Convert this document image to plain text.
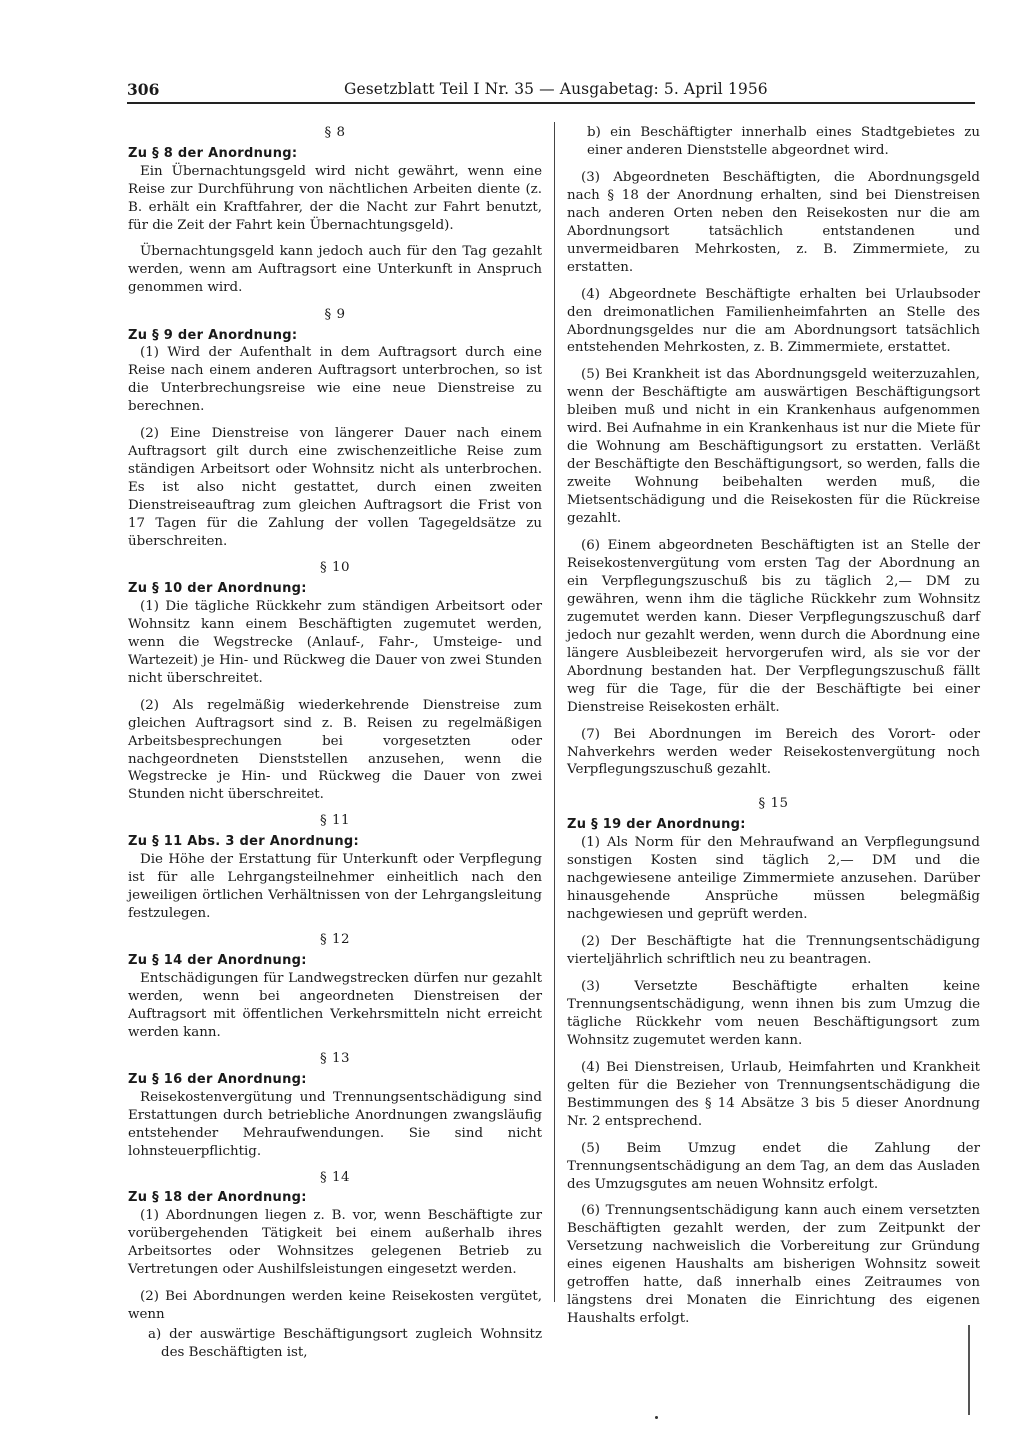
306	Gesetzblatt Teil I Nr. 35 — Ausgabetag: 5. April 1956
§ 8
Zu § 8 der Anordnung:

Ein Übernachtungsgeld wird nicht gewährt, wenn eine Reise zur Durchführung von nächtlichen Arbeiten diente (z. B. erhält ein Kraftfahrer, der die Nacht zur Fahrt benutzt, für die Zeit der Fahrt kein Übernachtungsgeld).

Übernachtungsgeld kann jedoch auch für den Tag gezahlt werden, wenn am Auftragsort eine Unterkunft in Anspruch genommen wird.

§ 9
Zu § 9 der Anordnung:

(1) Wird der Aufenthalt in dem Auftragsort durch eine Reise nach einem anderen Auftragsort unterbrochen, so ist die Unterbrechungsreise wie eine neue Dienstreise zu berechnen.

(2) Eine Dienstreise von längerer Dauer nach einem Auftragsort gilt durch eine zwischenzeitliche Reise zum ständigen Arbeitsort oder Wohnsitz nicht als unterbrochen. Es ist also nicht gestattet, durch einen zweiten Dienstreiseauftrag zum gleichen Auftragsort die Frist von 17 Tagen für die Zahlung der vollen Tagegeldsätze zu überschreiten.

§ 10
Zu § 10 der Anordnung:

(1) Die tägliche Rückkehr zum ständigen Arbeitsort oder Wohnsitz kann einem Beschäftigten zugemutet werden, wenn die Wegstrecke (Anlauf-, Fahr-, Umsteige- und Wartezeit) je Hin- und Rückweg die Dauer von zwei Stunden nicht überschreitet.

(2) Als regelmäßig wiederkehrende Dienstreise zum gleichen Auftragsort sind z. B. Reisen zu regelmäßigen Arbeitsbesprechungen bei vorgesetzten oder nachgeordneten Dienststellen anzusehen, wenn die Wegstrecke je Hin- und Rückweg die Dauer von zwei Stunden nicht überschreitet.

§ 11
Zu § 11 Abs. 3 der Anordnung:

Die Höhe der Erstattung für Unterkunft oder Verpflegung ist für alle Lehrgangsteilnehmer einheitlich nach den jeweiligen örtlichen Verhältnissen von der Lehrgangsleitung festzulegen.

§ 12
Zu § 14 der Anordnung:

Entschädigungen für Landwegstrecken dürfen nur gezahlt werden, wenn bei angeordneten Dienstreisen der Auftragsort mit öffentlichen Verkehrsmitteln nicht erreicht werden kann.

§ 13
Zu § 16 der Anordnung:

Reisekostenvergütung und Trennungsentschädigung sind Erstattungen durch betriebliche Anordnungen zwangsläufig entstehender Mehraufwendungen. Sie sind nicht lohnsteuerpflichtig.

§ 14
Zu § 18 der Anordnung:

(1) Abordnungen liegen z. B. vor, wenn Beschäftigte zur vorübergehenden Tätigkeit bei einem außerhalb ihres Arbeitsortes oder Wohnsitzes gelegenen Betrieb zu Vertretungen oder Aushilfsleistungen eingesetzt werden.

(2) Bei Abordnungen werden keine Reisekosten vergütet, wenn

a) der auswärtige Beschäftigungsort zugleich Wohnsitz des Beschäftigten ist,

b) ein Beschäftigter innerhalb eines Stadtgebietes zu einer anderen Dienststelle abgeordnet wird.

(3) Abgeordneten Beschäftigten, die Abordnungsgeld nach § 18 der Anordnung erhalten, sind bei Dienstreisen nach anderen Orten neben den Reisekosten nur die am Abordnungsort tatsächlich entstandenen und unvermeidbaren Mehrkosten, z. B. Zimmermiete, zu erstatten.

(4) Abgeordnete Beschäftigte erhalten bei Urlaubsoder den dreimonatlichen Familienheimfahrten an Stelle des Abordnungsgeldes nur die am Abordnungsort tatsächlich entstehenden Mehrkosten, z. B. Zimmermiete, erstattet.

(5) Bei Krankheit ist das Abordnungsgeld weiterzuzahlen, wenn der Beschäftigte am auswärtigen Beschäftigungsort bleiben muß und nicht in ein Krankenhaus aufgenommen wird. Bei Aufnahme in ein Krankenhaus ist nur die Miete für die Wohnung am Beschäftigungsort zu erstatten. Verläßt der Beschäftigte den Beschäftigungsort, so werden, falls die zweite Wohnung beibehalten werden muß, die Mietsentschädigung und die Reisekosten für die Rückreise gezahlt.

(6) Einem abgeordneten Beschäftigten ist an Stelle der Reisekostenvergütung vom ersten Tag der Abordnung an ein Verpflegungszuschuß bis zu täglich 2,— DM zu gewähren, wenn ihm die tägliche Rückkehr zum Wohnsitz zugemutet werden kann. Dieser Verpflegungszuschuß darf jedoch nur gezahlt werden, wenn durch die Abordnung eine längere Ausbleibezeit hervorgerufen wird, als sie vor der Abordnung bestanden hat. Der Verpflegungszuschuß fällt weg für die Tage, für die der Beschäftigte bei einer Dienstreise Reisekosten erhält.

(7) Bei Abordnungen im Bereich des Vorort- oder Nahverkehrs werden weder Reisekostenvergütung noch Verpflegungszuschuß gezahlt.

§ 15
Zu § 19 der Anordnung:

(1) Als Norm für den Mehraufwand an Verpflegungsund sonstigen Kosten sind täglich 2,— DM und die nachgewiesene anteilige Zimmermiete anzusehen. Darüber hinausgehende Ansprüche müssen belegmäßig nachgewiesen und geprüft werden.

(2) Der Beschäftigte hat die Trennungsentschädigung vierteljährlich schriftlich neu zu beantragen.

(3) Versetzte Beschäftigte erhalten keine Trennungsentschädigung, wenn ihnen bis zum Umzug die tägliche Rückkehr vom neuen Beschäftigungsort zum Wohnsitz zugemutet werden kann.

(4) Bei Dienstreisen, Urlaub, Heimfahrten und Krankheit gelten für die Bezieher von Trennungsentschädigung die Bestimmungen des § 14 Absätze 3 bis 5 dieser Anordnung Nr. 2 entsprechend.

(5) Beim Umzug endet die Zahlung der Trennungsentschädigung an dem Tag, an dem das Ausladen des Umzugsgutes am neuen Wohnsitz erfolgt.

(6) Trennungsentschädigung kann auch einem versetzten Beschäftigten gezahlt werden, der zum Zeitpunkt der Versetzung nachweislich die Vorbereitung zur Gründung eines eigenen Haushalts am bisherigen Wohnsitz soweit getroffen hatte, daß innerhalb eines Zeitraumes von längstens drei Monaten die Einrichtung des eigenen Haushalts erfolgt.
